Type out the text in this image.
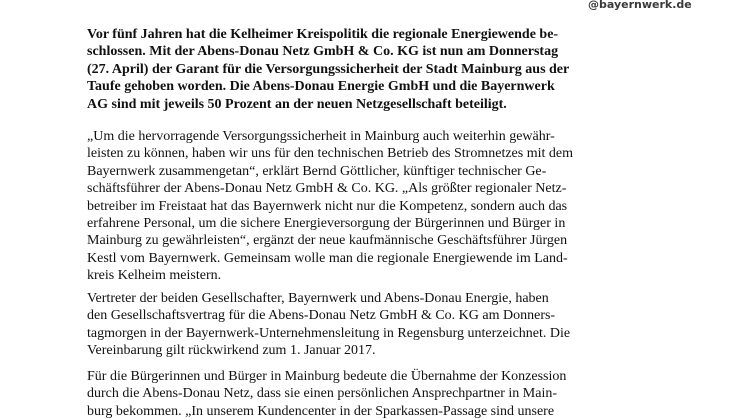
@bayernwerk.de
Vor fünf Jahren hat die Kelheimer Kreispolitik die regionale Energiewende be-
schlossen. Mit der Abens-Donau Netz GmbH & Co. KG ist nun am Donnerstag
(27. April) der Garant für die Versorgungssicherheit der Stadt Mainburg aus der
Taufe gehoben worden. Die Abens-Donau Energie GmbH und die Bayernwerk
AG sind mit jeweils 50 Prozent an der neuen Netzgesellschaft beteiligt.
„Um die hervorragende Versorgungssicherheit in Mainburg auch weiterhin gewähr-
leisten zu können, haben wir uns für den technischen Betrieb des Stromnetzes mit dem
Bayernwerk zusammengetan“, erklärt Bernd Göttlicher, künftiger technischer Ge-
schäftsführer der Abens-Donau Netz GmbH & Co. KG. „Als größter regionaler Netz-
betreiber im Freistaat hat das Bayernwerk nicht nur die Kompetenz, sondern auch das
erfahrene Personal, um die sichere Energieversorgung der Bürgerinnen und Bürger in
Mainburg zu gewährleisten“, ergänzt der neue kaufmännische Geschäftsführer Jürgen
Kestl vom Bayernwerk. Gemeinsam wolle man die regionale Energiewende im Land-
kreis Kelheim meistern.
Vertreter der beiden Gesellschafter, Bayernwerk und Abens-Donau Energie, haben
den Gesellschaftsvertrag für die Abens-Donau Netz GmbH & Co. KG am Donners-
tagmorgen in der Bayernwerk-Unternehmensleitung in Regensburg unterzeichnet. Die
Vereinbarung gilt rückwirkend zum 1. Januar 2017.
Für die Bürgerinnen und Bürger in Mainburg bedeute die Übernahme der Konzession
durch die Abens-Donau Netz, dass sie einen persönlichen Ansprechpartner in Main-
burg bekommen. „In unserem Kundencenter in der Sparkassen-Passage sind unsere
